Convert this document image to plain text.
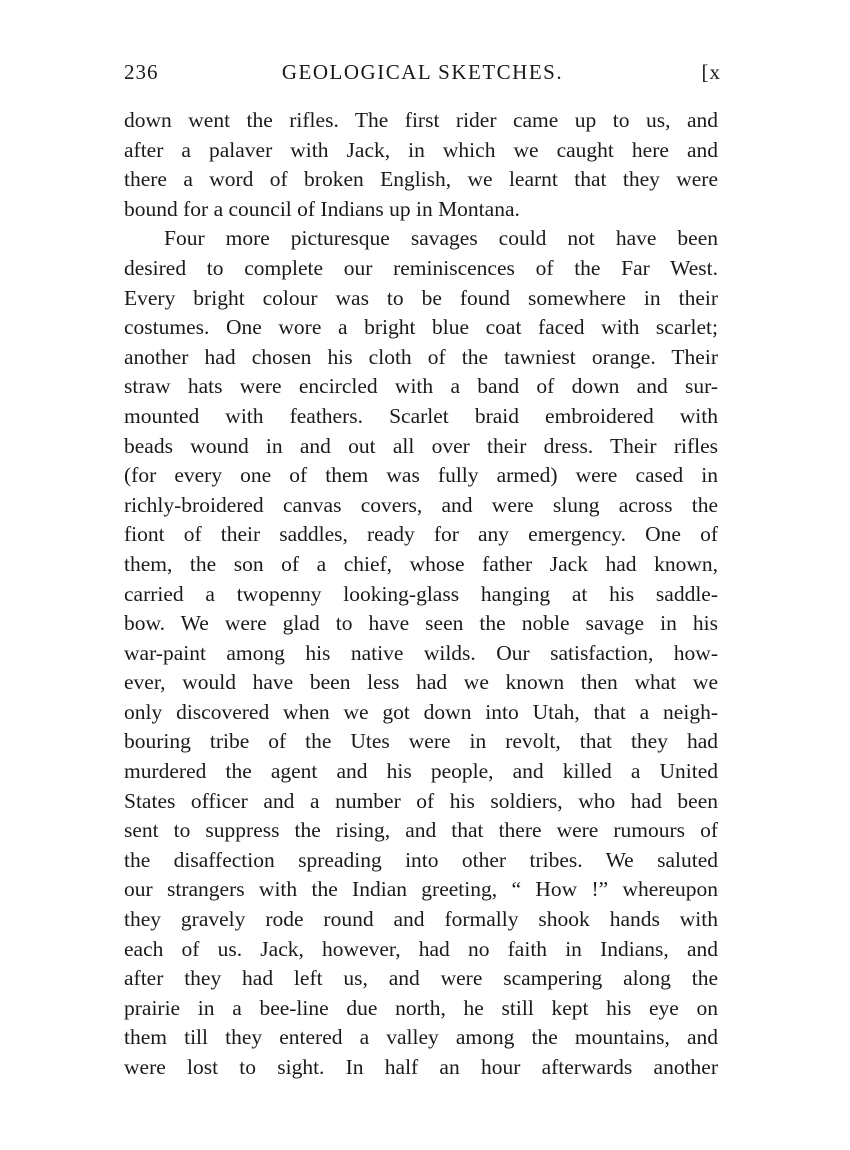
236	GEOLOGICAL SKETCHES.	[x
down went the rifles. The first rider came up to us, and
after a palaver with Jack, in which we caught here and
there a word of broken English, we learnt that they were
bound for a council of Indians up in Montana.
Four more picturesque savages could not have been
desired to complete our reminiscences of the Far West.
Every bright colour was to be found somewhere in their
costumes. One wore a bright blue coat faced with scarlet;
another had chosen his cloth of the tawniest orange. Their
straw hats were encircled with a band of down and sur-
mounted with feathers. Scarlet braid embroidered with
beads wound in and out all over their dress. Their rifles
(for every one of them was fully armed) were cased in
richly-broidered canvas covers, and were slung across the
fiont of their saddles, ready for any emergency. One of
them, the son of a chief, whose father Jack had known,
carried a twopenny looking-glass hanging at his saddle-
bow. We were glad to have seen the noble savage in his
war-paint among his native wilds. Our satisfaction, how-
ever, would have been less had we known then what we
only discovered when we got down into Utah, that a neigh-
bouring tribe of the Utes were in revolt, that they had
murdered the agent and his people, and killed a United
States officer and a number of his soldiers, who had been
sent to suppress the rising, and that there were rumours of
the disaffection spreading into other tribes. We saluted
our strangers with the Indian greeting, “ How !” whereupon
they gravely rode round and formally shook hands with
each of us. Jack, however, had no faith in Indians, and
after they had left us, and were scampering along the
prairie in a bee-line due north, he still kept his eye on
them till they entered a valley among the mountains, and
were lost to sight. In half an hour afterwards another
